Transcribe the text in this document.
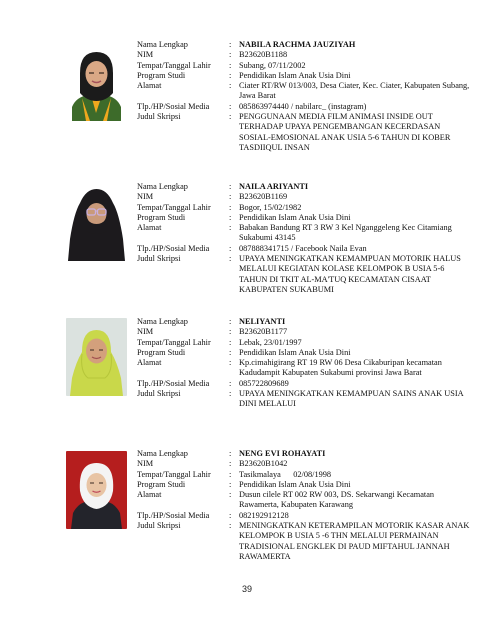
Nama Lengkap	: NABILA RACHMA JAUZIYAH
NIM	: B23620B1188
Tempat/Tanggal Lahir	: Subang, 07/11/2002
Program Studi	: Pendidikan Islam Anak Usia Dini
Alamat	: Ciater RT/RW 013/003, Desa Ciater, Kec. Ciater, Kabupaten Subang, Jawa Barat
Tlp./HP/Sosial Media	: 085863974440 / nabilarc_ (instagram)
Judul Skripsi	: PENGGUNAAN MEDIA FILM ANIMASI INSIDE OUT TERHADAP UPAYA PENGEMBANGAN KECERDASAN SOSIAL-EMOSIONAL ANAK USIA 5-6 TAHUN DI KOBER TASDIIQUL INSAN
Nama Lengkap	: NAILA ARIYANTI
NIM	: B23620B1169
Tempat/Tanggal Lahir	: Bogor, 15/02/1982
Program Studi	: Pendidikan Islam Anak Usia Dini
Alamat	: Babakan Bandung RT 3 RW 3 Kel Nganggeleng Kec Citamiang Sukabumi 43145
Tlp./HP/Sosial Media	: 087888341715 / Facebook Naila Evan
Judul Skripsi	: UPAYA MENINGKATKAN KEMAMPUAN MOTORIK HALUS MELALUI KEGIATAN KOLASE KELOMPOK B USIA 5-6 TAHUN DI TKIT AL-MA'TUQ KECAMATAN CISAAT KABUPATEN SUKABUMI
Nama Lengkap	: NELIYANTI
NIM	: B23620B1177
Tempat/Tanggal Lahir	: Lebak, 23/01/1997
Program Studi	: Pendidikan Islam Anak Usia Dini
Alamat	: Kp.cimahigirang RT 19 RW 06 Desa Cikaburipan kecamatan Kadudampit Kabupaten Sukabumi provinsi Jawa Barat
Tlp./HP/Sosial Media	: 085722809689
Judul Skripsi	: UPAYA MENINGKATKAN KEMAMPUAN SAINS ANAK USIA DINI MELALUI
Nama Lengkap	: NENG EVI ROHAYATI
NIM	: B23620B1042
Tempat/Tanggal Lahir	: Tasikmalaya      02/08/1998
Program Studi	: Pendidikan Islam Anak Usia Dini
Alamat	: Dusun cilele RT 002 RW 003, DS. Sekarwangi Kecamatan Rawamerta, Kabupaten Karawang
Tlp./HP/Sosial Media	: 082192912128
Judul Skripsi	: MENINGKATKAN KETERAMPILAN MOTORIK KASAR ANAK KELOMPOK B USIA 5 -6 THN MELALUI PERMAINAN TRADISIONAL ENGKLEK DI PAUD MIFTAHUL JANNAH RAWAMERTA
39
